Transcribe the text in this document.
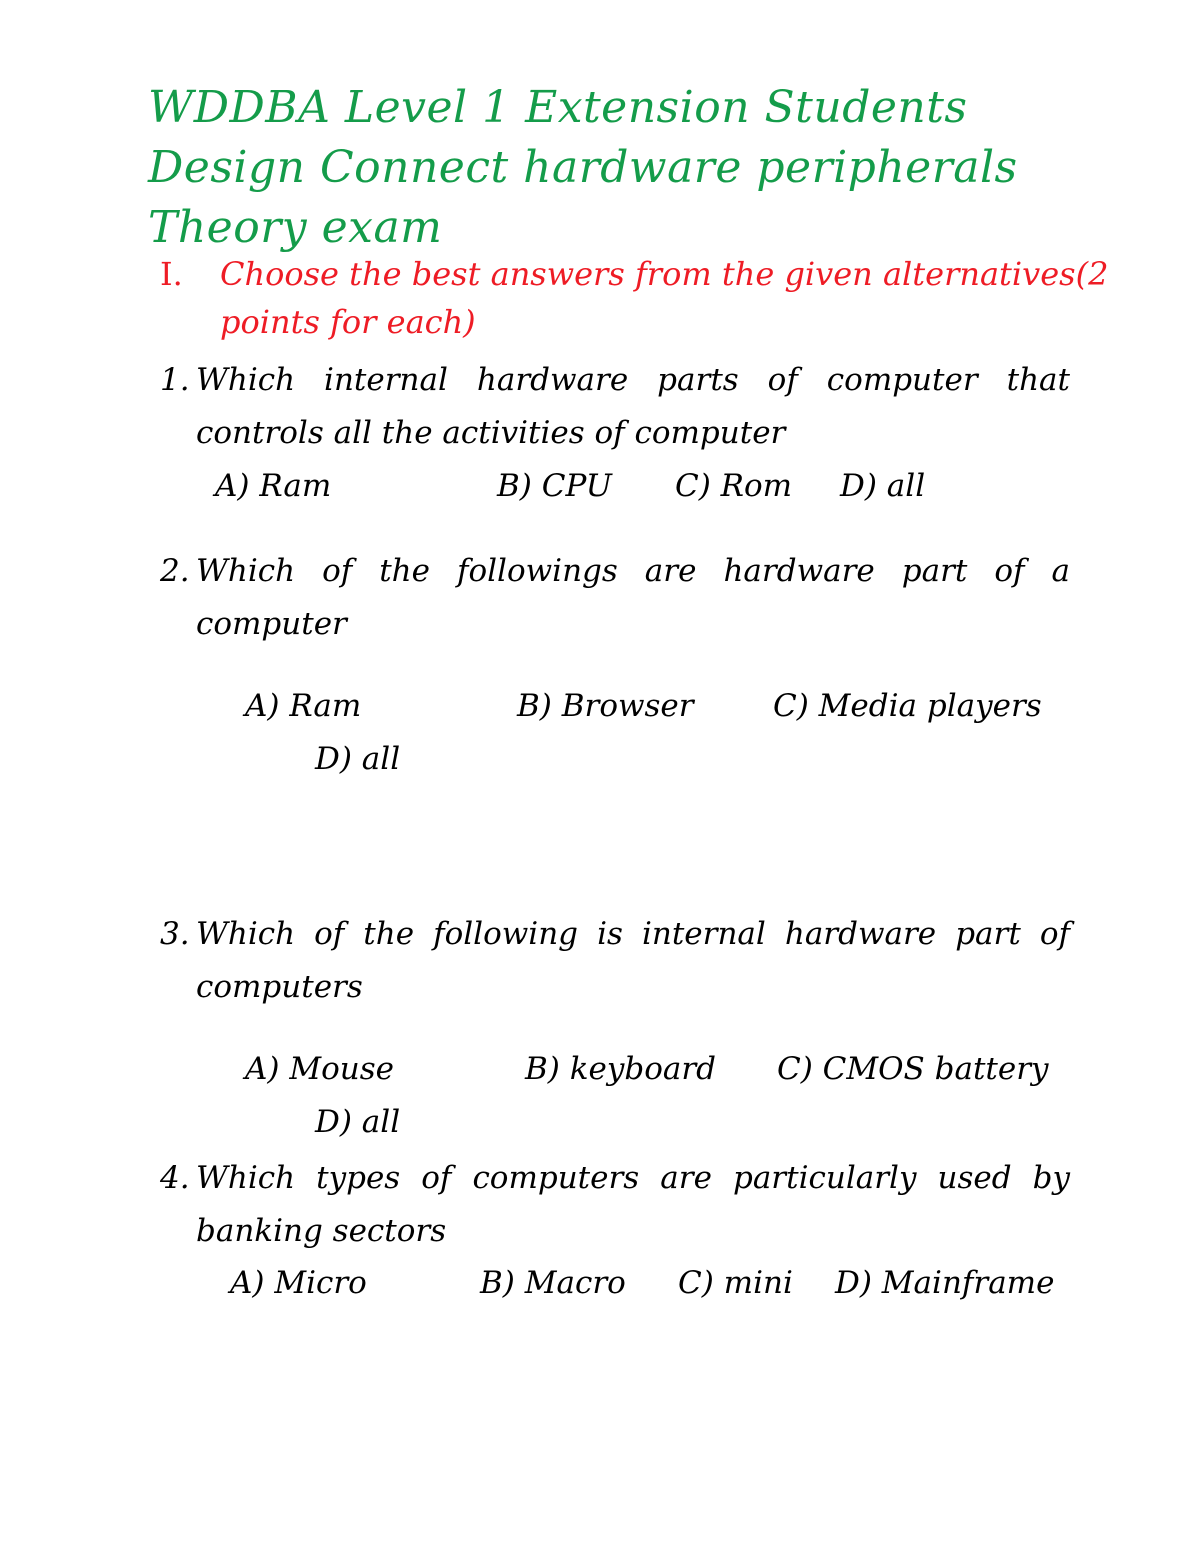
WDDBA Level 1 Extension Students
Design Connect hardware peripherals
Theory exam
I. Choose the best answers from the given alternatives(2 points for each)
1. Which internal hardware parts of computer that controls all the activities of computer
A) Ram	B) CPU C) Rom D) all
2. Which of the followings are hardware part of a computer
A) Ram	B) Browser	C) Media players
D) all
3. Which of the following is internal hardware part of computers
A) Mouse	B) keyboard C) CMOS battery
D) all
4. Which types of computers are particularly used by banking sectors
A) Micro	B) Macro C) mini D) Mainframe
